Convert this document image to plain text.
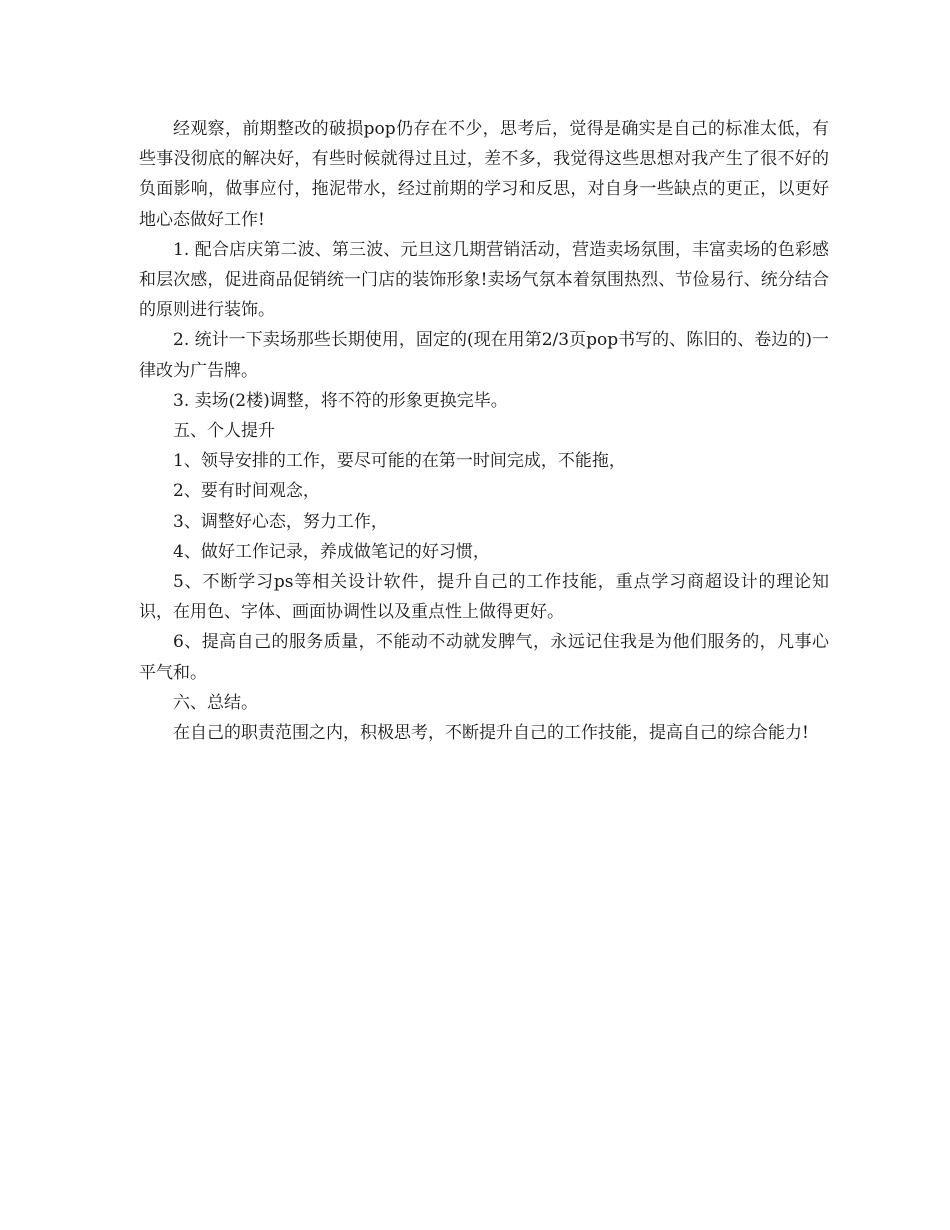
经观察，前期整改的破损pop仍存在不少，思考后，觉得是确实是自己的标准太低，有些事没彻底的解决好，有些时候就得过且过，差不多，我觉得这些思想对我产生了很不好的负面影响，做事应付，拖泥带水，经过前期的学习和反思，对自身一些缺点的更正，以更好地心态做好工作!

1. 配合店庆第二波、第三波、元旦这几期营销活动，营造卖场氛围，丰富卖场的色彩感和层次感，促进商品促销统一门店的装饰形象!卖场气氛本着氛围热烈、节俭易行、统分结合的原则进行装饰。

2. 统计一下卖场那些长期使用，固定的(现在用第2/3页pop书写的、陈旧的、卷边的)一律改为广告牌。

3. 卖场(2楼)调整，将不符的形象更换完毕。

五、个人提升

1、领导安排的工作，要尽可能的在第一时间完成，不能拖，

2、要有时间观念，

3、调整好心态，努力工作，

4、做好工作记录，养成做笔记的好习惯，

5、不断学习ps等相关设计软件，提升自己的工作技能，重点学习商超设计的理论知识，在用色、字体、画面协调性以及重点性上做得更好。

6、提高自己的服务质量，不能动不动就发脾气，永远记住我是为他们服务的，凡事心平气和。

六、总结。

在自己的职责范围之内，积极思考，不断提升自己的工作技能，提高自己的综合能力!
